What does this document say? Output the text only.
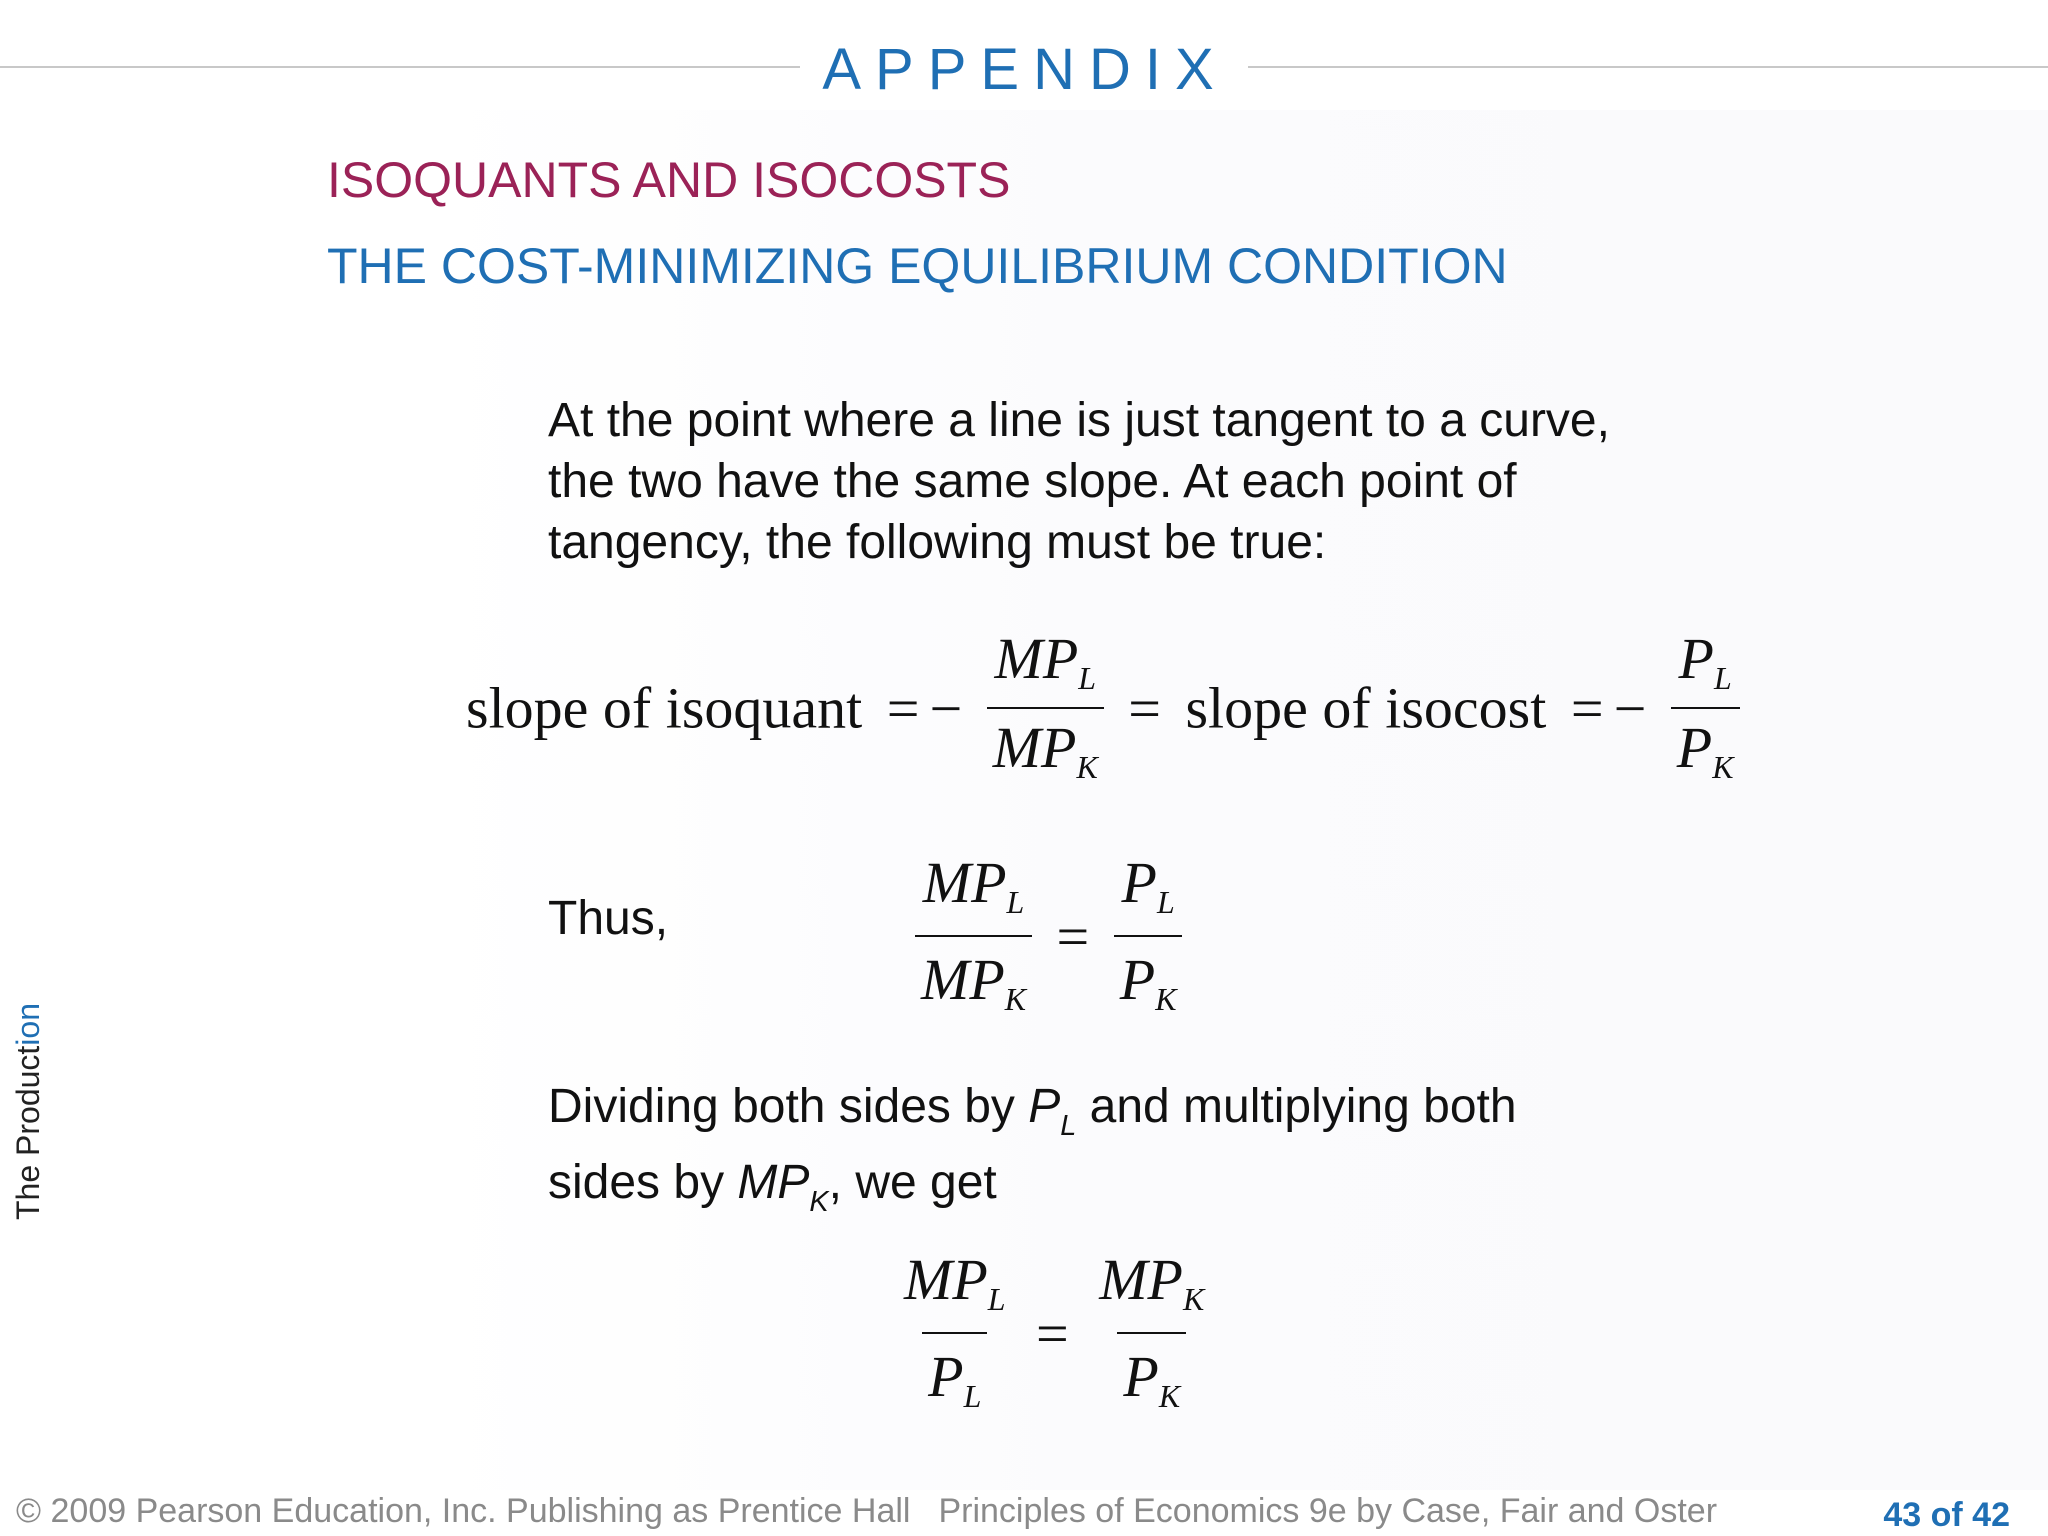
APPENDIX
ISOQUANTS AND ISOCOSTS
THE COST-MINIMIZING EQUILIBRIUM CONDITION
At the point where a line is just tangent to a curve,
the two have the same slope. At each point of
tangency, the following must be true:
slope of isoquant = − $\frac{\text{MPL}}{\text{MPK}}$ = slope of isocost = − $\frac{PL}{PK}$
Thus,	$\frac{\text{MPL}}{\text{MPK}} = \frac{PL}{PK}$
Dividing both sides by $P_L$ and multiplying both
sides by $MP_K$, we get
$\frac{\text{MPL}}{PL} = \frac{\text{MPK}}{PK}$
The Production
© 2009 Pearson Education, Inc. Publishing as Prentice Hall Principles of Economics 9e by Case, Fair and Oster	43 of 42
